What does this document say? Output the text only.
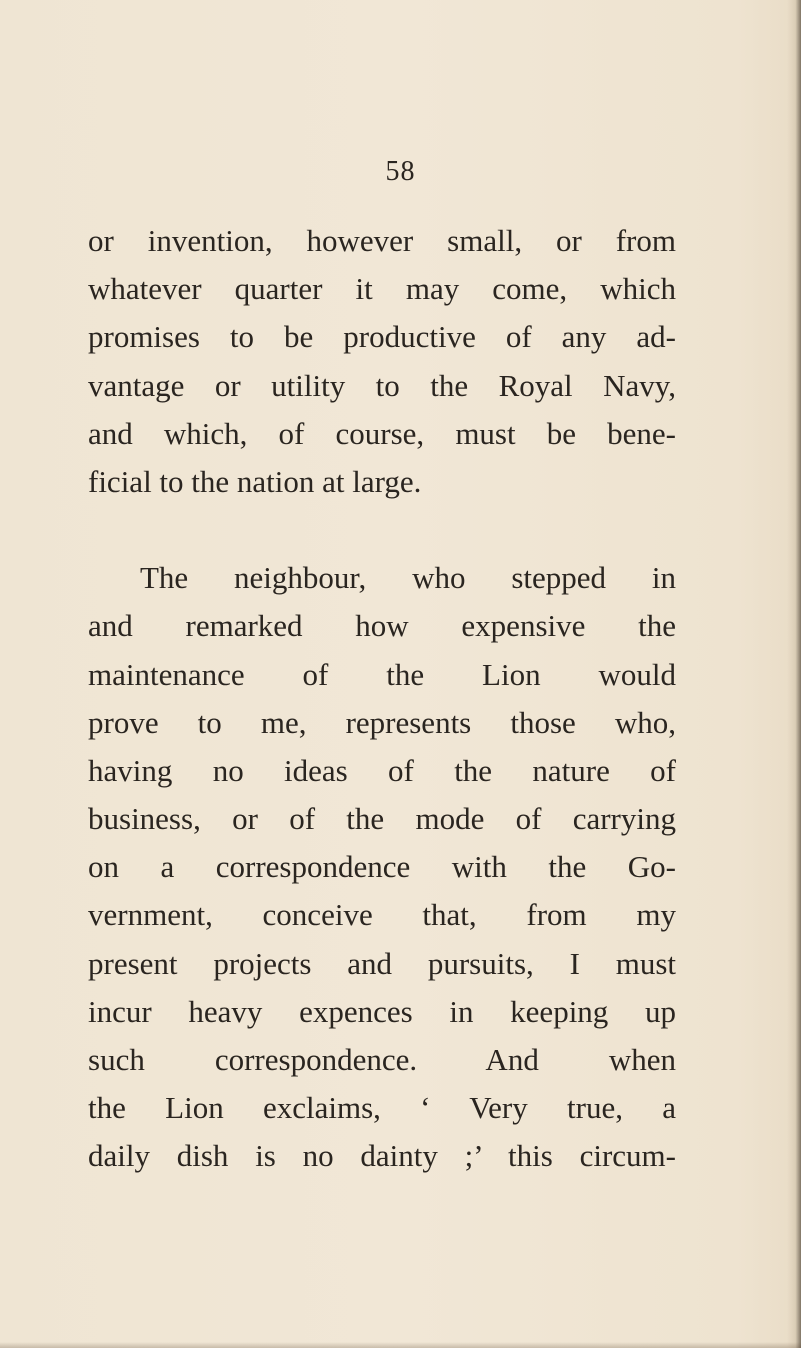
58
or invention, however small, or from
whatever quarter it may come, which
promises to be productive of any ad-
vantage or utility to the Royal Navy,
and which, of course, must be bene-
ficial to the nation at large.
The neighbour, who stepped in
and remarked how expensive the
maintenance of the Lion would
prove to me, represents those who,
having no ideas of the nature of
business, or of the mode of carrying
on a correspondence with the Go-
vernment, conceive that, from my
present projects and pursuits, I must
incur heavy expences in keeping up
such correspondence. And when
the Lion exclaims, ‘ Very true, a
daily dish is no dainty ;’ this circum-
